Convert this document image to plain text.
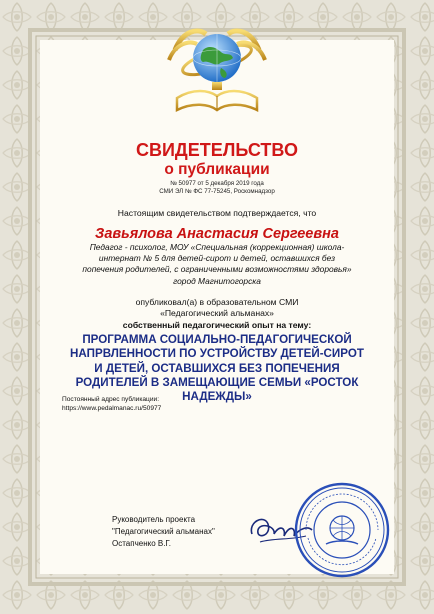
СВИДЕТЕЛЬСТВО
о публикации
№ 50977 от 5 декабря 2019 года
СМИ ЭЛ № ФС 77-75245, Роскомнадзор
Настоящим свидетельством подтверждается, что
Завьялова Анастасия Сергеевна
Педагог - психолог, МОУ «Специальная (коррекционная) школа-интернат № 5 для детей-сирот и детей, оставшихся без попечения родителей, с ограниченными возможностями здоровья» город Магнитогорска
опубликовал(а) в образовательном СМИ
«Педагогический альманах»
собственный педагогический опыт на тему:
ПРОГРАММА СОЦИАЛЬНО-ПЕДАГОГИЧЕСКОЙ НАПРВЛЕННОСТИ ПО УСТРОЙСТВУ ДЕТЕЙ-СИРОТ И ДЕТЕЙ, ОСТАВШИХСЯ БЕЗ ПОПЕЧЕНИЯ РОДИТЕЛЕЙ В ЗАМЕЩАЮЩИЕ СЕМЬИ «РОСТОК НАДЕЖДЫ»
Постоянный адрес публикации:
https://www.pedalmanac.ru/50977
Руководитель проекта
"Педагогический альманах"
Остапченко В.Г.
